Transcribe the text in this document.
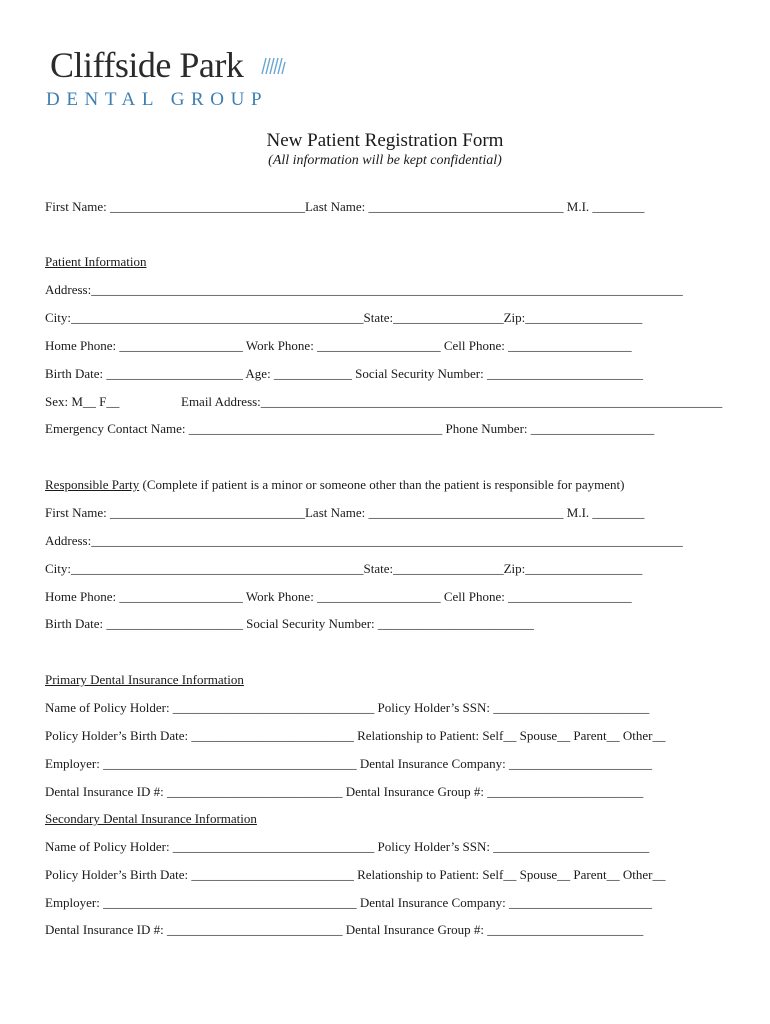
Cliffside Park
DENTAL GROUP
New Patient Registration Form
(All information will be kept confidential)
First Name: ______________________________Last Name: ______________________________ M.I. ________
Patient Information
Address:___________________________________________________________________________________________
City:_____________________________________________State:_________________Zip:__________________
Home Phone: ___________________ Work Phone: ___________________ Cell Phone: ___________________
Birth Date: _____________________ Age: ____________ Social Security Number: ________________________
Sex: M__ F__	Email Address:_______________________________________________________________________
Emergency Contact Name: _______________________________________ Phone Number: ___________________
Responsible Party (Complete if patient is a minor or someone other than the patient is responsible for payment)
First Name: ______________________________Last Name: ______________________________ M.I. ________
Address:___________________________________________________________________________________________
City:_____________________________________________State:_________________Zip:__________________
Home Phone: ___________________ Work Phone: ___________________ Cell Phone: ___________________
Birth Date: _____________________ Social Security Number: ________________________
Primary Dental Insurance Information
Name of Policy Holder: _______________________________ Policy Holder’s SSN: ________________________
Policy Holder’s Birth Date: _________________________ Relationship to Patient: Self__ Spouse__ Parent__ Other__
Employer: _______________________________________ Dental Insurance Company: ______________________
Dental Insurance ID #: ___________________________ Dental Insurance Group #: ________________________
Secondary Dental Insurance Information
Name of Policy Holder: _______________________________ Policy Holder’s SSN: ________________________
Policy Holder’s Birth Date: _________________________ Relationship to Patient: Self__ Spouse__ Parent__ Other__
Employer: _______________________________________ Dental Insurance Company: ______________________
Dental Insurance ID #: ___________________________ Dental Insurance Group #: ________________________
